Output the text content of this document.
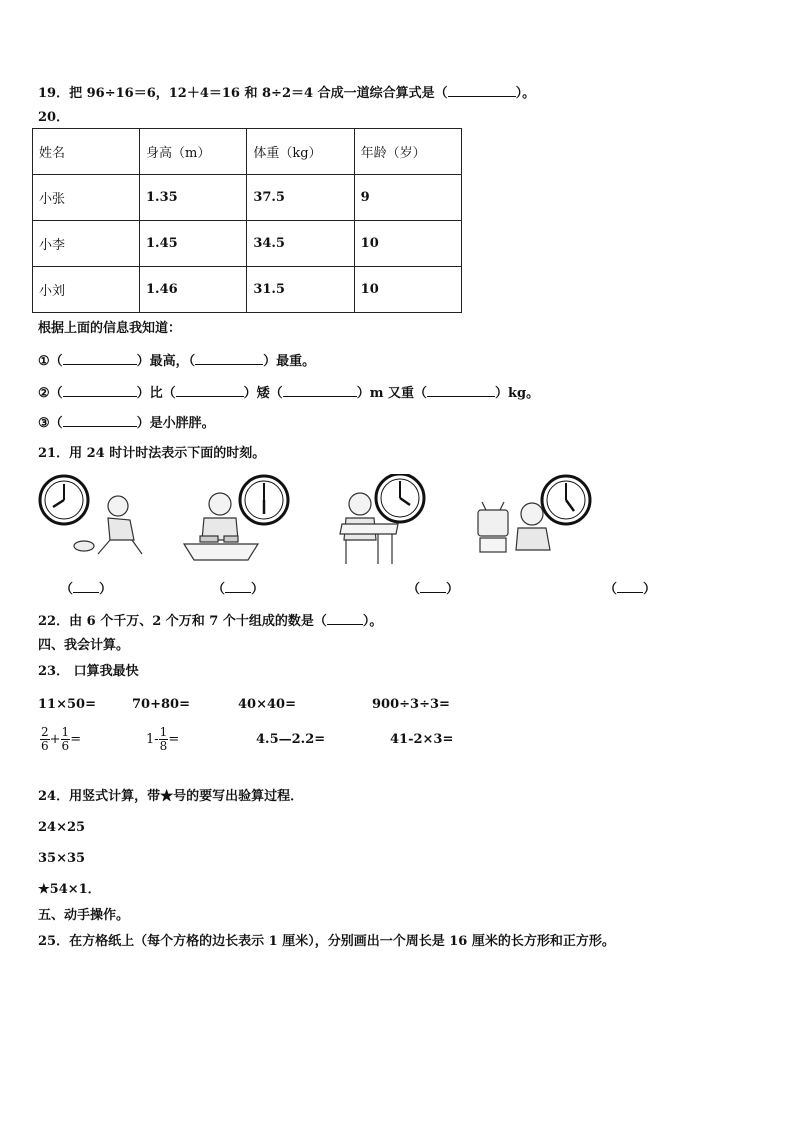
19．把 96÷16＝6，12＋4＝16 和 8÷2＝4 合成一道综合算式是（	）。
20．
姓名	身高（m）	体重（kg）	年龄（岁）
小张	1.35	37.5	9
小李	1.45	34.5	10
小刘	1.46	31.5	10
根据上面的信息我知道：
①（	）最高，（	）最重。
②（	）比（	）矮（	）m 又重（	）kg。
③（	）是小胖胖。
21．用 24 时计时法表示下面的时刻。
（ ）	（ ）	（ ）	（ ）
22．由 6 个千万、2 个万和 7 个十组成的数是（	）。
四、我会计算。
23． 口算我最快
11×50=	70+80=	40×40=	900÷3÷3=
$\frac{2}{6} + \frac{1}{6}$ =	$1- \frac{1}{8}$ =	4.5—2.2=	41-2×3=
24．用竖式计算，带★号的要写出验算过程．
24×25
35×35
★54×1．
五、动手操作。
25．在方格纸上（每个方格的边长表示 1 厘米），分别画出一个周长是 16 厘米的长方形和正方形。
